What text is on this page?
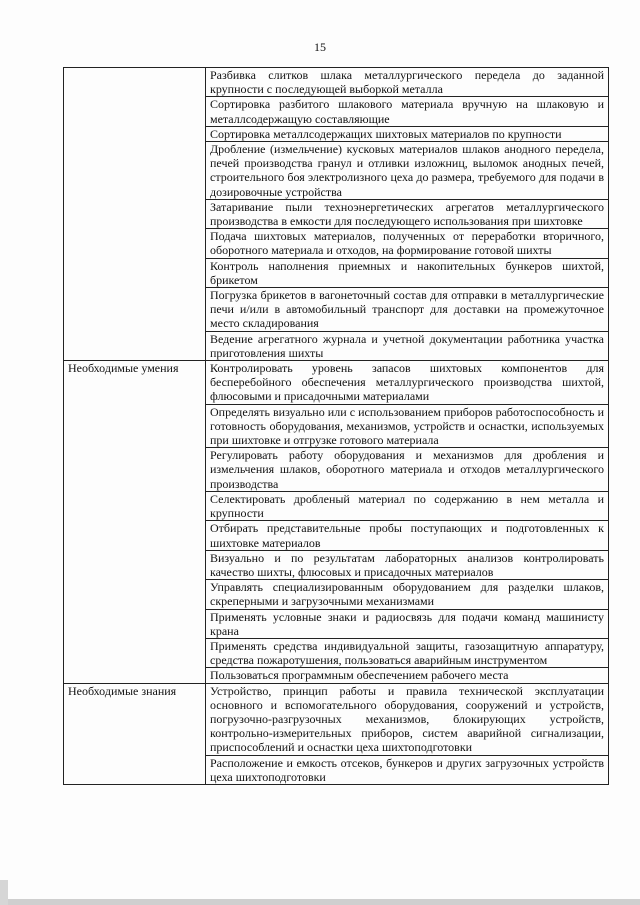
15
	Разбивка слитков шлака металлургического передела до заданной крупности с последующей выборкой металла
	Сортировка разбитого шлакового материала вручную на шлаковую и металлсодержащую составляющие
	Сортировка металлсодержащих шихтовых материалов по крупности
	Дробление (измельчение) кусковых материалов шлаков анодного передела, печей производства гранул и отливки изложниц, выломок анодных печей, строительного боя электролизного цеха до размера, требуемого для подачи в дозировочные устройства
	Затаривание пыли техноэнергетических агрегатов металлургического производства в емкости для последующего использования при шихтовке
	Подача шихтовых материалов, полученных от переработки вторичного, оборотного материала и отходов, на формирование готовой шихты
	Контроль наполнения приемных и накопительных бункеров шихтой, брикетом
	Погрузка брикетов в вагонеточный состав для отправки в металлургические печи и/или в автомобильный транспорт для доставки на промежуточное место складирования
	Ведение агрегатного журнала и учетной документации работника участка приготовления шихты
Необходимые умения	Контролировать уровень запасов шихтовых компонентов для бесперебойного обеспечения металлургического производства шихтой, флюсовыми и присадочными материалами
	Определять визуально или с использованием приборов работоспособность и готовность оборудования, механизмов, устройств и оснастки, используемых при шихтовке и отгрузке готового материала
	Регулировать работу оборудования и механизмов для дробления и измельчения шлаков, оборотного материала и отходов металлургического производства
	Селектировать дробленый материал по содержанию в нем металла и крупности
	Отбирать представительные пробы поступающих и подготовленных к шихтовке материалов
	Визуально и по результатам лабораторных анализов контролировать качество шихты, флюсовых и присадочных материалов
	Управлять специализированным оборудованием для разделки шлаков, скреперными и загрузочными механизмами
	Применять условные знаки и радиосвязь для подачи команд машинисту крана
	Применять средства индивидуальной защиты, газозащитную аппаратуру, средства пожаротушения, пользоваться аварийным инструментом
	Пользоваться программным обеспечением рабочего места
Необходимые знания	Устройство, принцип работы и правила технической эксплуатации основного и вспомогательного оборудования, сооружений и устройств, погрузочно-разгрузочных механизмов, блокирующих устройств, контрольно-измерительных приборов, систем аварийной сигнализации, приспособлений и оснастки цеха шихтоподготовки
	Расположение и емкость отсеков, бункеров и других загрузочных устройств цеха шихтоподготовки
